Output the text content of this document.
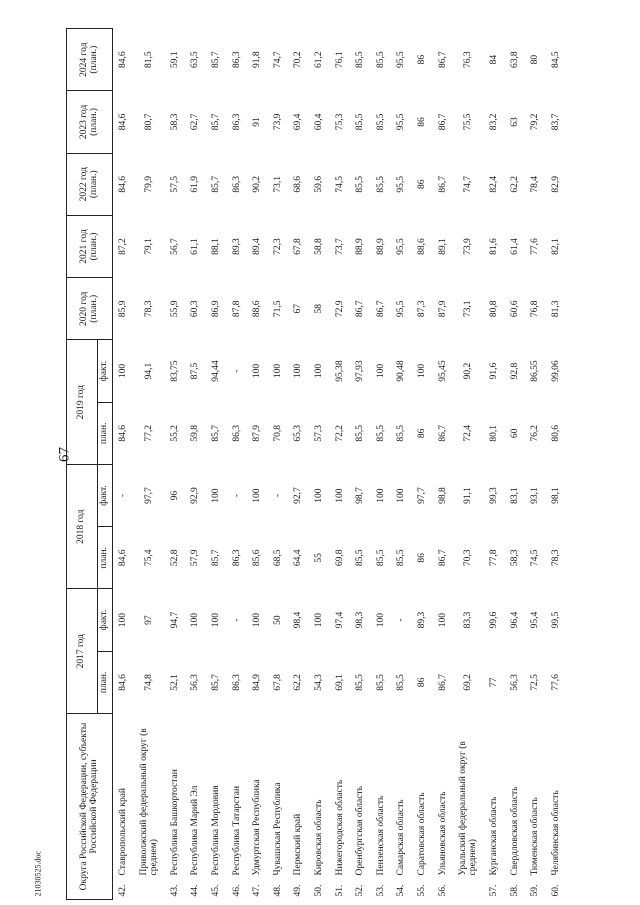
67
21030525.doc	Округа Российской Федерации, субъекты Российской Федерации		2017 год		2018 год		2019 год		2020 год (план.)	2021 год (план.)	2022 год (план.)	2023 год (план.)	2024 год (план.)
		план.	факт.	план.	факт.	план.	факт.					
42.	Ставропольский край	84,6	100	84,6	-	84,6	100	85,9	87,2	84,6	84,6	84,6
	Приволжский федеральный округ (в среднем)	74,8	97	75,4	97,7	77,2	94,1	78,3	79,1	79,9	80,7	81,5
43.	Республика Башкортостан	52,1	94,7	52,8	96	55,2	83,75	55,9	56,7	57,5	58,3	59,1
44.	Республика Марий Эл	56,3	100	57,9	92,9	59,8	87,5	60,3	61,1	61,9	62,7	63,5
45.	Республика Мордовия	85,7	100	85,7	100	85,7	94,44	86,9	88,1	85,7	85,7	85,7
46.	Республика Татарстан	86,3	-	86,3	-	86,3	-	87,8	89,3	86,3	86,3	86,3
47.	Удмуртская Республика	84,9	100	85,6	100	87,9	100	88,6	89,4	90,2	91	91,8
48.	Чувашская Республика	67,8	50	68,5	-	70,8	100	71,5	72,3	73,1	73,9	74,7
49.	Пермский край	62,2	98,4	64,4	92,7	65,3	100	67	67,8	68,6	69,4	70,2
50.	Кировская область	54,3	100	55	100	57,3	100	58	58,8	59,6	60,4	61,2
51.	Нижегородская область	69,1	97,4	69,8	100	72,2	95,38	72,9	73,7	74,5	75,3	76,1
52.	Оренбургская область	85,5	98,3	85,5	98,7	85,5	97,93	86,7	88,9	85,5	85,5	85,5
53.	Пензенская область	85,5	100	85,5	100	85,5	100	86,7	88,9	85,5	85,5	85,5
54.	Самарская область	85,5	-	85,5	100	85,5	90,48	95,5	95,5	95,5	95,5	95,5
55.	Саратовская область	86	89,3	86	97,7	86	100	87,3	88,6	86	86	86
56.	Ульяновская область	86,7	100	86,7	98,8	86,7	95,45	87,9	89,1	86,7	86,7	86,7
	Уральский федеральный округ (в среднем)	69,2	83,3	70,3	91,1	72,4	90,2	73,1	73,9	74,7	75,5	76,3
57.	Курганская область	77	99,6	77,8	99,3	80,1	91,6	80,8	81,6	82,4	83,2	84
58.	Свердловская область	56,3	96,4	58,3	83,1	60	92,8	60,6	61,4	62,2	63	63,8
59.	Тюменская область	72,5	95,4	74,5	93,1	76,2	86,55	76,8	77,6	78,4	79,2	80
60.	Челябинская область	77,6	99,5	78,3	98,1	80,6	99,06	81,3	82,1	82,9	83,7	84,5
